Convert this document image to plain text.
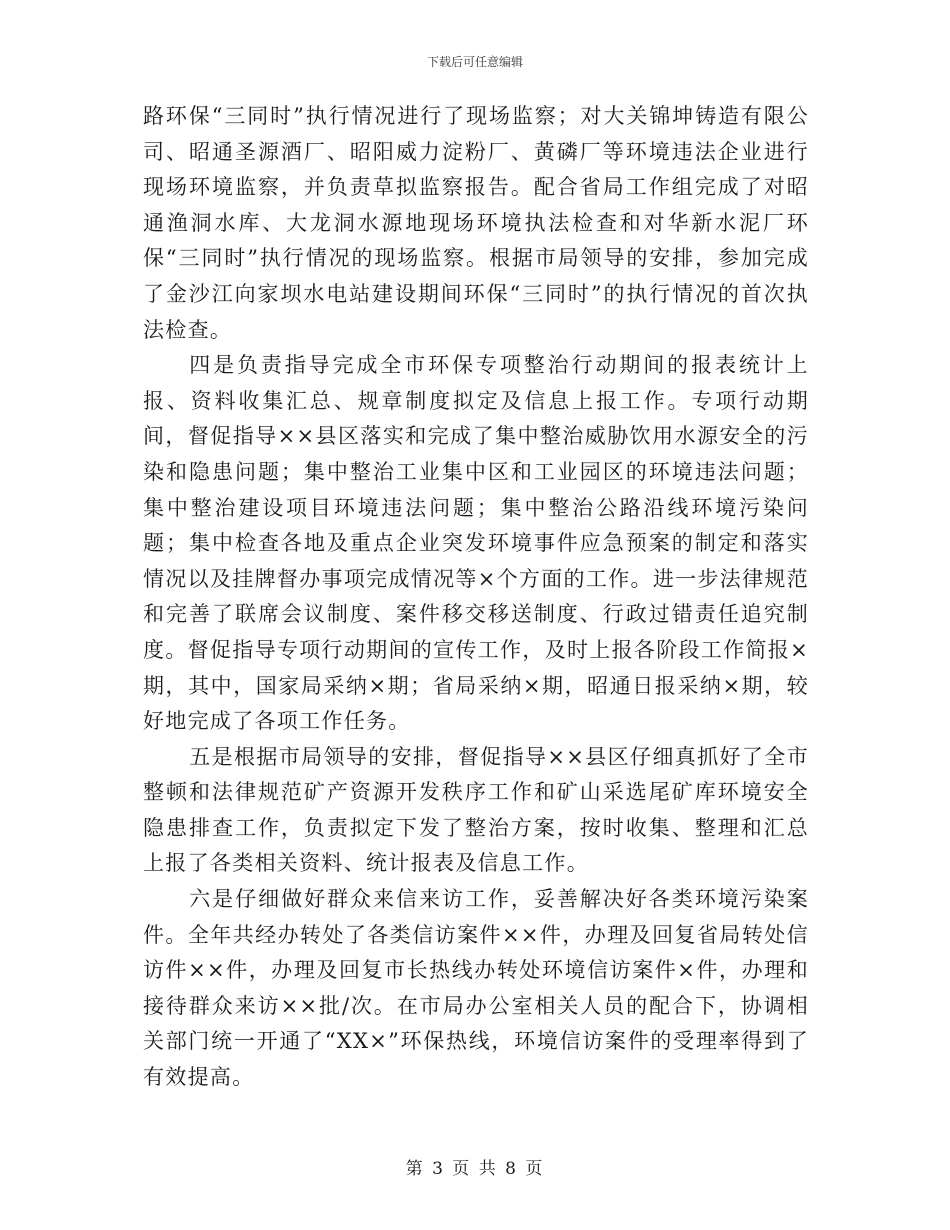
下载后可任意编辑

路环保“三同时”执行情况进行了现场监察；对大关锦坤铸造有限公司、昭通圣源酒厂、昭阳威力淀粉厂、黄磷厂等环境违法企业进行现场环境监察，并负责草拟监察报告。配合省局工作组完成了对昭通渔洞水库、大龙洞水源地现场环境执法检查和对华新水泥厂环保“三同时”执行情况的现场监察。根据市局领导的安排，参加完成了金沙江向家坝水电站建设期间环保“三同时”的执行情况的首次执法检查。

四是负责指导完成全市环保专项整治行动期间的报表统计上报、资料收集汇总、规章制度拟定及信息上报工作。专项行动期间，督促指导××县区落实和完成了集中整治威胁饮用水源安全的污染和隐患问题；集中整治工业集中区和工业园区的环境违法问题；集中整治建设项目环境违法问题；集中整治公路沿线环境污染问题；集中检查各地及重点企业突发环境事件应急预案的制定和落实情况以及挂牌督办事项完成情况等×个方面的工作。进一步法律规范和完善了联席会议制度、案件移交移送制度、行政过错责任追究制度。督促指导专项行动期间的宣传工作，及时上报各阶段工作简报×期，其中，国家局采纳×期；省局采纳×期，昭通日报采纳×期，较好地完成了各项工作任务。

五是根据市局领导的安排，督促指导××县区仔细真抓好了全市整顿和法律规范矿产资源开发秩序工作和矿山采选尾矿库环境安全隐患排查工作，负责拟定下发了整治方案，按时收集、整理和汇总上报了各类相关资料、统计报表及信息工作。

六是仔细做好群众来信来访工作，妥善解决好各类环境污染案件。全年共经办转处了各类信访案件××件，办理及回复省局转处信访件××件，办理及回复市长热线办转处环境信访案件×件，办理和接待群众来访××批/次。在市局办公室相关人员的配合下，协调相关部门统一开通了“XX×”环保热线，环境信访案件的受理率得到了有效提高。

第 3 页 共 8 页
